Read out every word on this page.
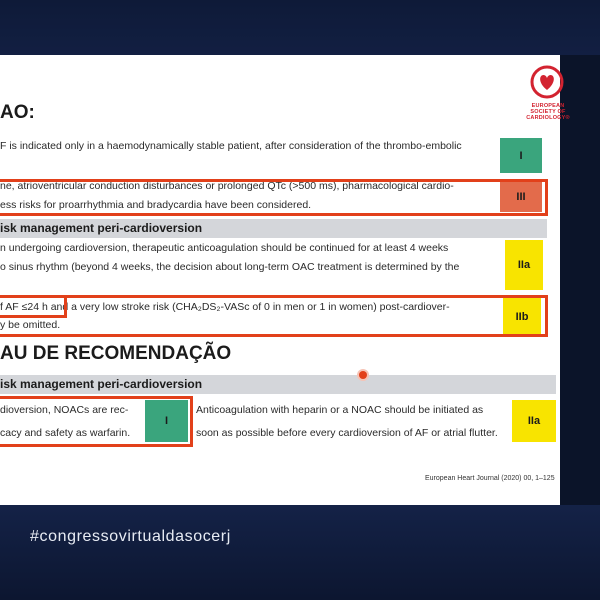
EUROPEAN
SOCIETY OF
CARDIOLOGY®
AO:
F is indicated only in a haemodynamically stable patient, after consideration of the thrombo-embolic
I
ne, atrioventricular conduction disturbances or prolonged QTc (>500 ms), pharmacological cardio-
ess risks for proarrhythmia and bradycardia have been considered.
III
isk management peri-cardioversion
n undergoing cardioversion, therapeutic anticoagulation should be continued for at least 4 weeks
o sinus rhythm (beyond 4 weeks, the decision about long-term OAC treatment is determined by the	IIa
f AF ≤24 h and a very low stroke risk (CHA₂DS₂-VASc of 0 in men or 1 in women) post-cardiover-
y be omitted.
IIb
AU DE RECOMENDAÇÃO
isk management peri-cardioversion
dioversion, NOACs are rec-
cacy and safety as warfarin.
I
Anticoagulation with heparin or a NOAC should be initiated as
soon as possible before every cardioversion of AF or atrial flutter.
IIa
European Heart Journal (2020) 00, 1–125
#congressovirtualdasocerj
